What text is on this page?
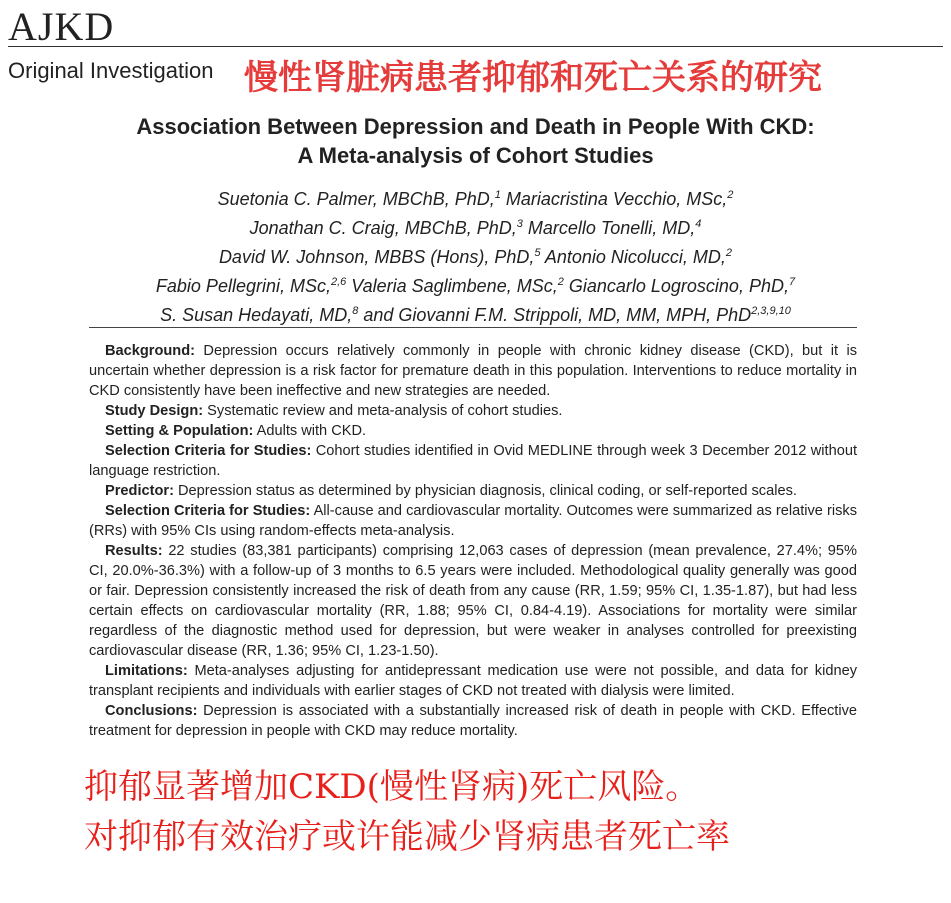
AJKD
Original Investigation 慢性肾脏病患者抑郁和死亡关系的研究
Association Between Depression and Death in People With CKD:
A Meta-analysis of Cohort Studies
Suetonia C. Palmer, MBChB, PhD,$^1$ Mariacristina Vecchio, MSc,$^2$
Jonathan C. Craig, MBChB, PhD,$^3$ Marcello Tonelli, MD,$^4$
David W. Johnson, MBBS (Hons), PhD,$^5$ Antonio Nicolucci, MD,$^2$
Fabio Pellegrini, MSc,$^{2,6}$ Valeria Saglimbene, MSc,$^2$ Giancarlo Logroscino, PhD,$^7$
S. Susan Hedayati, MD,$^8$ and Giovanni F.M. Strippoli, MD, MM, MPH, PhD$^{2,3,9,10}$

Background: Depression occurs relatively commonly in people with chronic kidney disease (CKD), but it is uncertain whether depression is a risk factor for premature death in this population. Interventions to reduce mortality in CKD consistently have been ineffective and new strategies are needed.

Study Design: Systematic review and meta-analysis of cohort studies.

Setting & Population: Adults with CKD.

Selection Criteria for Studies: Cohort studies identified in Ovid MEDLINE through week 3 December 2012 without language restriction.

Predictor: Depression status as determined by physician diagnosis, clinical coding, or self-reported scales.

Selection Criteria for Studies: All-cause and cardiovascular mortality. Outcomes were summarized as relative risks (RRs) with 95% CIs using random-effects meta-analysis.

Results: 22 studies (83,381 participants) comprising 12,063 cases of depression (mean prevalence, 27.4%; 95% CI, 20.0%-36.3%) with a follow-up of 3 months to 6.5 years were included. Methodological quality generally was good or fair. Depression consistently increased the risk of death from any cause (RR, 1.59; 95% CI, 1.35-1.87), but had less certain effects on cardiovascular mortality (RR, 1.88; 95% CI, 0.84-4.19). Associations for mortality were similar regardless of the diagnostic method used for depression, but were weaker in analyses controlled for preexisting cardiovascular disease (RR, 1.36; 95% CI, 1.23-1.50).

Limitations: Meta-analyses adjusting for antidepressant medication use were not possible, and data for kidney transplant recipients and individuals with earlier stages of CKD not treated with dialysis were limited.

Conclusions: Depression is associated with a substantially increased risk of death in people with CKD. Effective treatment for depression in people with CKD may reduce mortality.

抑郁显著增加CKD(慢性肾病)死亡风险。
对抑郁有效治疗或许能减少肾病患者死亡率
